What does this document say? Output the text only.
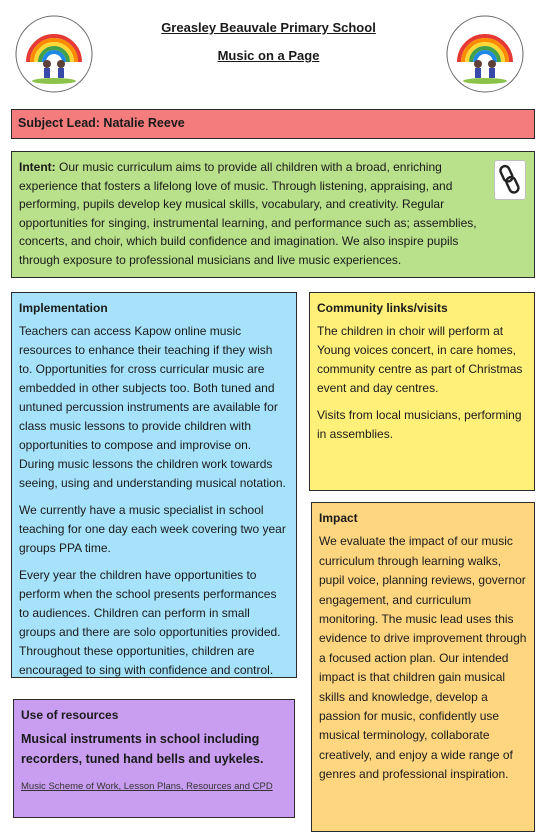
Greasley Beauvale Primary School
Music on a Page
Subject Lead: Natalie Reeve
Intent: Our music curriculum aims to provide all children with a broad, enriching experience that fosters a lifelong love of music. Through listening, appraising, and performing, pupils develop key musical skills, vocabulary, and creativity. Regular opportunities for singing, instrumental learning, and performance such as; assemblies, concerts, and choir, which build confidence and imagination. We also inspire pupils through exposure to professional musicians and live music experiences.
Implementation

Teachers can access Kapow online music resources to enhance their teaching if they wish to. Opportunities for cross curricular music are embedded in other subjects too. Both tuned and untuned percussion instruments are available for class music lessons to provide children with opportunities to compose and improvise on. During music lessons the children work towards seeing, using and understanding musical notation.

We currently have a music specialist in school teaching for one day each week covering two year groups PPA time.

Every year the children have opportunities to perform when the school presents performances to audiences. Children can perform in small groups and there are solo opportunities provided. Throughout these opportunities, children are encouraged to sing with confidence and control.

Community links/visits

The children in choir will perform at Young voices concert, in care homes, community centre as part of Christmas event and day centres.

Visits from local musicians, performing in assemblies.

Impact

We evaluate the impact of our music curriculum through learning walks, pupil voice, planning reviews, governor engagement, and curriculum monitoring. The music lead uses this evidence to drive improvement through a focused action plan. Our intended impact is that children gain musical skills and knowledge, develop a passion for music, confidently use musical terminology, collaborate creatively, and enjoy a wide range of genres and professional inspiration.

Use of resources
Musical instruments in school including recorders, tuned hand bells and uykeles.
Music Scheme of Work, Lesson Plans, Resources and CPD
